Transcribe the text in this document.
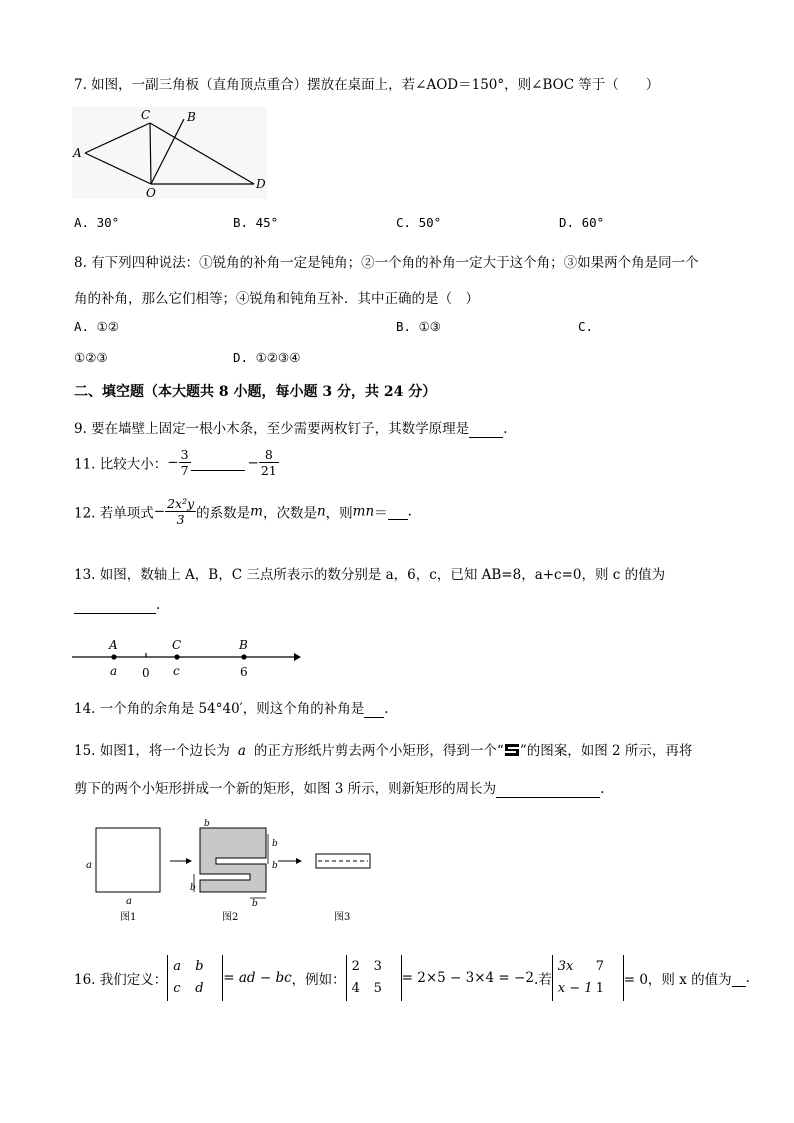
7. 如图，一副三角板（直角顶点重合）摆放在桌面上，若∠AOD＝150°，则∠BOC 等于（　　）
A
C	B
O
D
A. 30°	B. 45°	C. 50°	D. 60°
8. 有下列四种说法：①锐角的补角一定是钝角；②一个角的补角一定大于这个角；③如果两个角是同一个
角的补角，那么它们相等；④锐角和钝角互补．其中正确的是（　）
A. ①②	B. ①③	C.
①②③	D. ①②③④
二、填空题（本大题共 8 小题，每小题 3 分，共 24 分）
9. 要在墙壁上固定一根小木条，至少需要两枚钉子，其数学原理是	.
11. 比较大小：− $\frac{3}{7}$	− $\frac{8}{21}$
12. 若单项式− $\frac{\text{2x²y}}{3}$ 的系数是m，次数是n，则mn＝ .
13. 如图，数轴上 A，B，C 三点所表示的数分别是 a，6，c，已知 AB=8，a+c=0，则 c 的值为
.
A	C	B
a 0 c	6
14. 一个角的余角是 54°40′，则这个角的补角是 .
15. 如图1，将一个边长为 a 的正方形纸片剪去两个小矩形，得到一个“ ”的图案，如图 2 所示，再将
剪下的两个小矩形拼成一个新的矩形，如图 3 所示，则新矩形的周长为	.
a
a
图1
b
b
b
b
b
图2	图3
16. 我们定义：a b
c d= ad − bc，例如：2 3
4 5= 2×5 − 3×4 = −2.若3x 7
x − 1 1= 0，则 x 的值为 .
